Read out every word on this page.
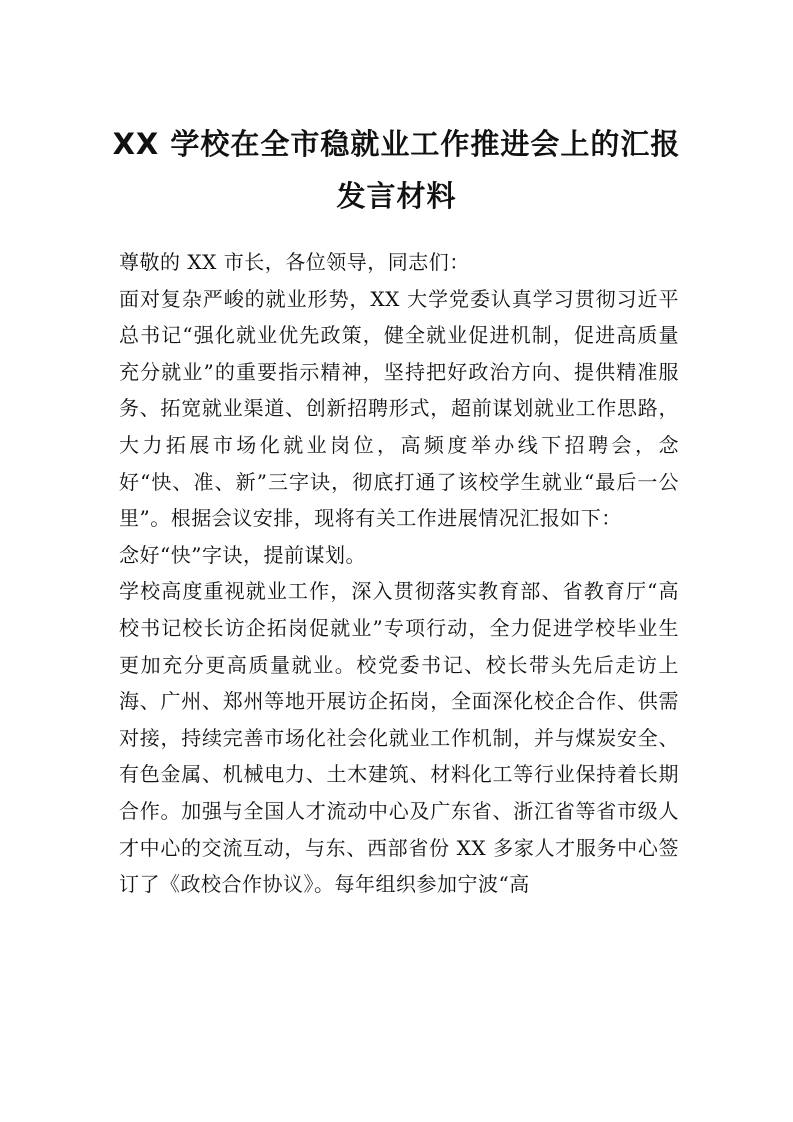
XX 学校在全市稳就业工作推进会上的汇报
发言材料

尊敬的 XX 市长，各位领导，同志们：

面对复杂严峻的就业形势，XX 大学党委认真学习贯彻习近平总书记“强化就业优先政策，健全就业促进机制，促进高质量充分就业”的重要指示精神，坚持把好政治方向、提供精准服务、拓宽就业渠道、创新招聘形式，超前谋划就业工作思路，大力拓展市场化就业岗位，高频度举办线下招聘会，念好“快、准、新”三字诀，彻底打通了该校学生就业“最后一公里”。根据会议安排，现将有关工作进展情况汇报如下：

念好“快”字诀，提前谋划。

学校高度重视就业工作，深入贯彻落实教育部、省教育厅“高校书记校长访企拓岗促就业”专项行动，全力促进学校毕业生更加充分更高质量就业。校党委书记、校长带头先后走访上海、广州、郑州等地开展访企拓岗，全面深化校企合作、供需对接，持续完善市场化社会化就业工作机制，并与煤炭安全、有色金属、机械电力、土木建筑、材料化工等行业保持着长期合作。加强与全国人才流动中心及广东省、浙江省等省市级人才中心的交流互动，与东、西部省份 XX 多家人才服务中心签订了《政校合作协议》。每年组织参加宁波“高
